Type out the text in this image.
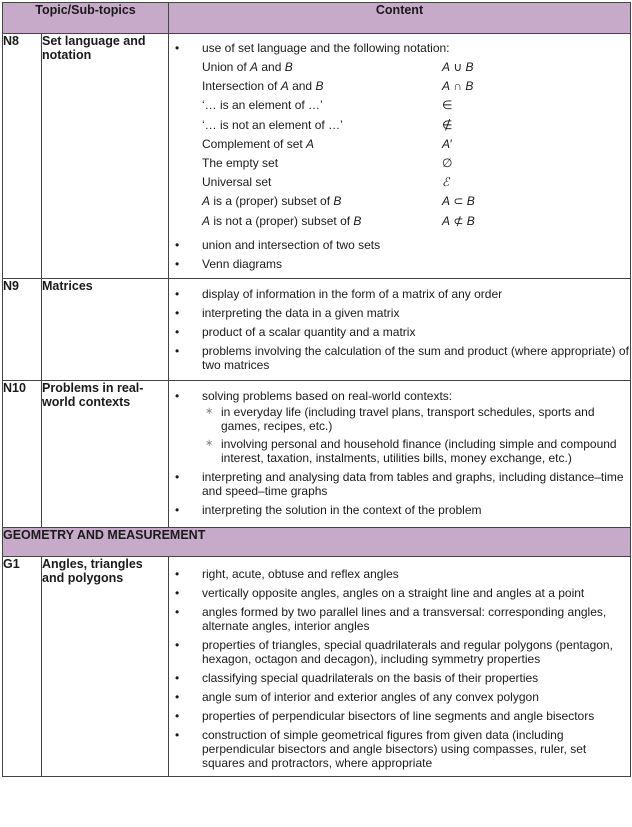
Topic/Sub-topics	Content
N8	Set language and notation	
•use of set language and the following notation:
Union of A and B	A ∪ B
Intersection of A and B	A ∩ B
‘… is an element of …’	∈
‘… is not an element of …’	∉
Complement of set A	A′
The empty set	∅
Universal set	ℰ
A is a (proper) subset of B	A ⊂ B
A is not a (proper) subset of B	A ⊄ B
• union and intersection of two sets
• Venn diagrams

N9	Matrices	
• display of information in the form of a matrix of any order
• interpreting the data in a given matrix
• product of a scalar quantity and a matrix
• problems involving the calculation of the sum and product (where appropriate) of two matrices

N10	Problems in real-world contexts	
•solving problems based on real-world contexts:
∗ in everyday life (including travel plans, transport schedules, sports and games, recipes, etc.)
∗ involving personal and household finance (including simple and compound interest, taxation, instalments, utilities bills, money exchange, etc.)
• interpreting and analysing data from tables and graphs, including distance–time and speed–time graphs
• interpreting the solution in the context of the problem

GEOMETRY AND MEASUREMENT
G1	Angles, triangles and polygons	
•right, acute, obtuse and reflex angles
• vertically opposite angles, angles on a straight line and angles at a point
• angles formed by two parallel lines and a transversal: corresponding angles, alternate angles, interior angles
• properties of triangles, special quadrilaterals and regular polygons (pentagon, hexagon, octagon and decagon), including symmetry properties
• classifying special quadrilaterals on the basis of their properties
• angle sum of interior and exterior angles of any convex polygon
• properties of perpendicular bisectors of line segments and angle bisectors
• construction of simple geometrical figures from given data (including perpendicular bisectors and angle bisectors) using compasses, ruler, set squares and protractors, where appropriate
